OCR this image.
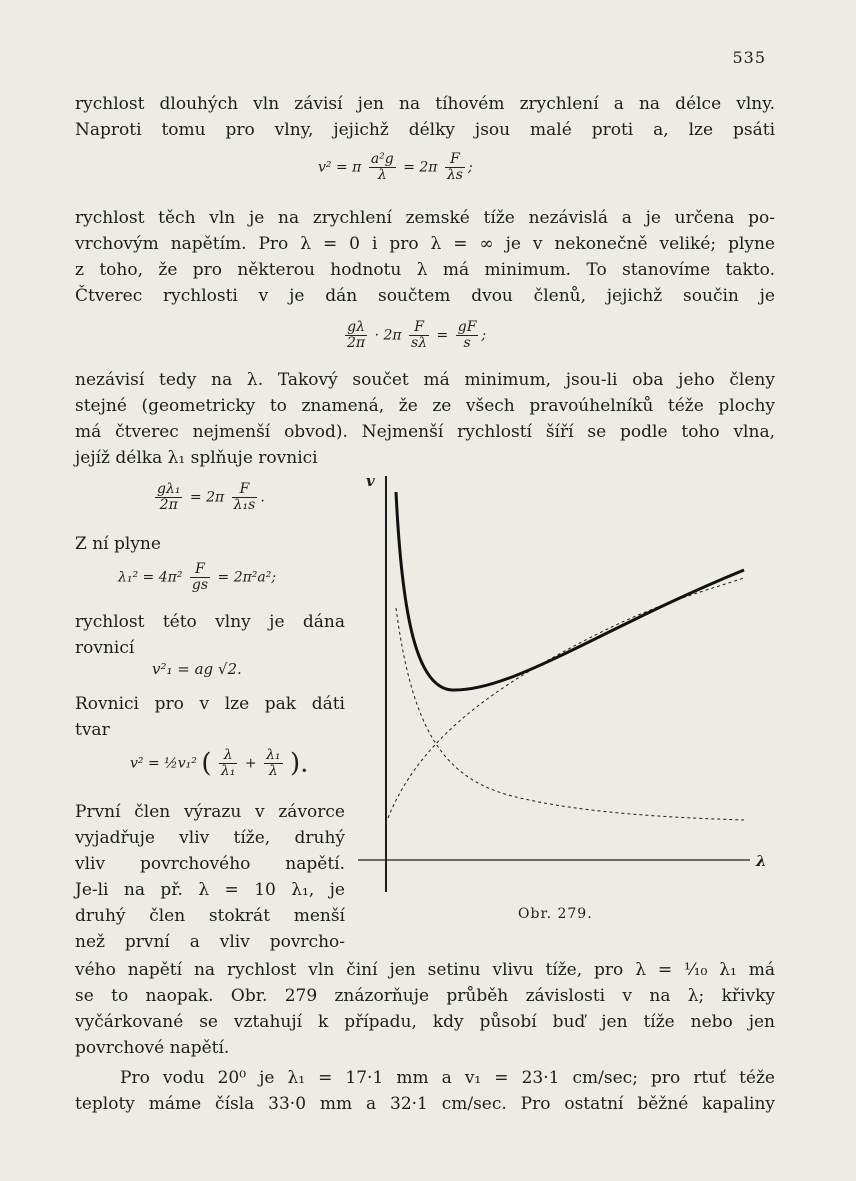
535
rychlost dlouhých vln závisí jen na tíhovém zrychlení a na délce vlny.
Naproti tomu pro vlny, jejichž délky jsou malé proti a, lze psáti
v² = π $\frac{\text{a²g}}{\lambda} = 2\pi \frac{F}{\lambda s}$ ;
rychlost těch vln je na zrychlení zemské tíže nezávislá a je určena po-
vrchovým napětím. Pro λ = 0 i pro λ = ∞ je v nekonečně veliké; plyne
z toho, že pro některou hodnotu λ má minimum. To stanovíme takto.
Čtverec rychlosti v je dán součtem dvou členů, jejichž součin je
$\frac{g\lambda}{2\pi} \cdot 2\pi \frac{F}{s\lambda} = \frac{gF}{s}$ ;
nezávisí tedy na λ. Takový součet má minimum, jsou-li oba jeho členy
stejné (geometricky to znamená, že ze všech pravoúhelníků téže plochy
má čtverec nejmenší obvod). Nejmenší rychlostí šíří se podle toho vlna,
jejíž délka λ₁ splňuje rovnici
$\frac{\text{gλ₁}}{2\pi} = 2\pi \frac{F}{\text{λ₁s}}$ .
Z ní plyne
$\lambda_1^2 = 4\pi^2 \frac{F}{gs} = 2\pi^2a^2$;
rychlost této vlny je dána
rovnicí
v²₁ = ag √2.
Rovnici pro v lze pak dáti
tvar
v² = ½v₁² ( $\frac{\lambda}{\text{λ₁}} + \frac{\text{λ₁}}{\lambda}$ ).
První člen výrazu v závorce
vyjadřuje vliv tíže, druhý
vliv povrchového napětí.
Je-li na př. λ = 10 λ₁, je
druhý člen stokrát menší
než první a vliv povrcho-
vého napětí na rychlost vln činí jen setinu vlivu tíže, pro λ = ¹⁄₁₀ λ₁ má
se to naopak. Obr. 279 znázorňuje průběh závislosti v na λ; křivky
vyčárkované se vztahují k případu, kdy působí buď jen tíže nebo jen
povrchové napětí.
Pro vodu 20⁰ je λ₁ = 17·1 mm a v₁ = 23·1 cm/sec; pro rtuť téže
teploty máme čísla 33·0 mm a 32·1 cm/sec. Pro ostatní běžné kapaliny
v
λ
Obr. 279.
